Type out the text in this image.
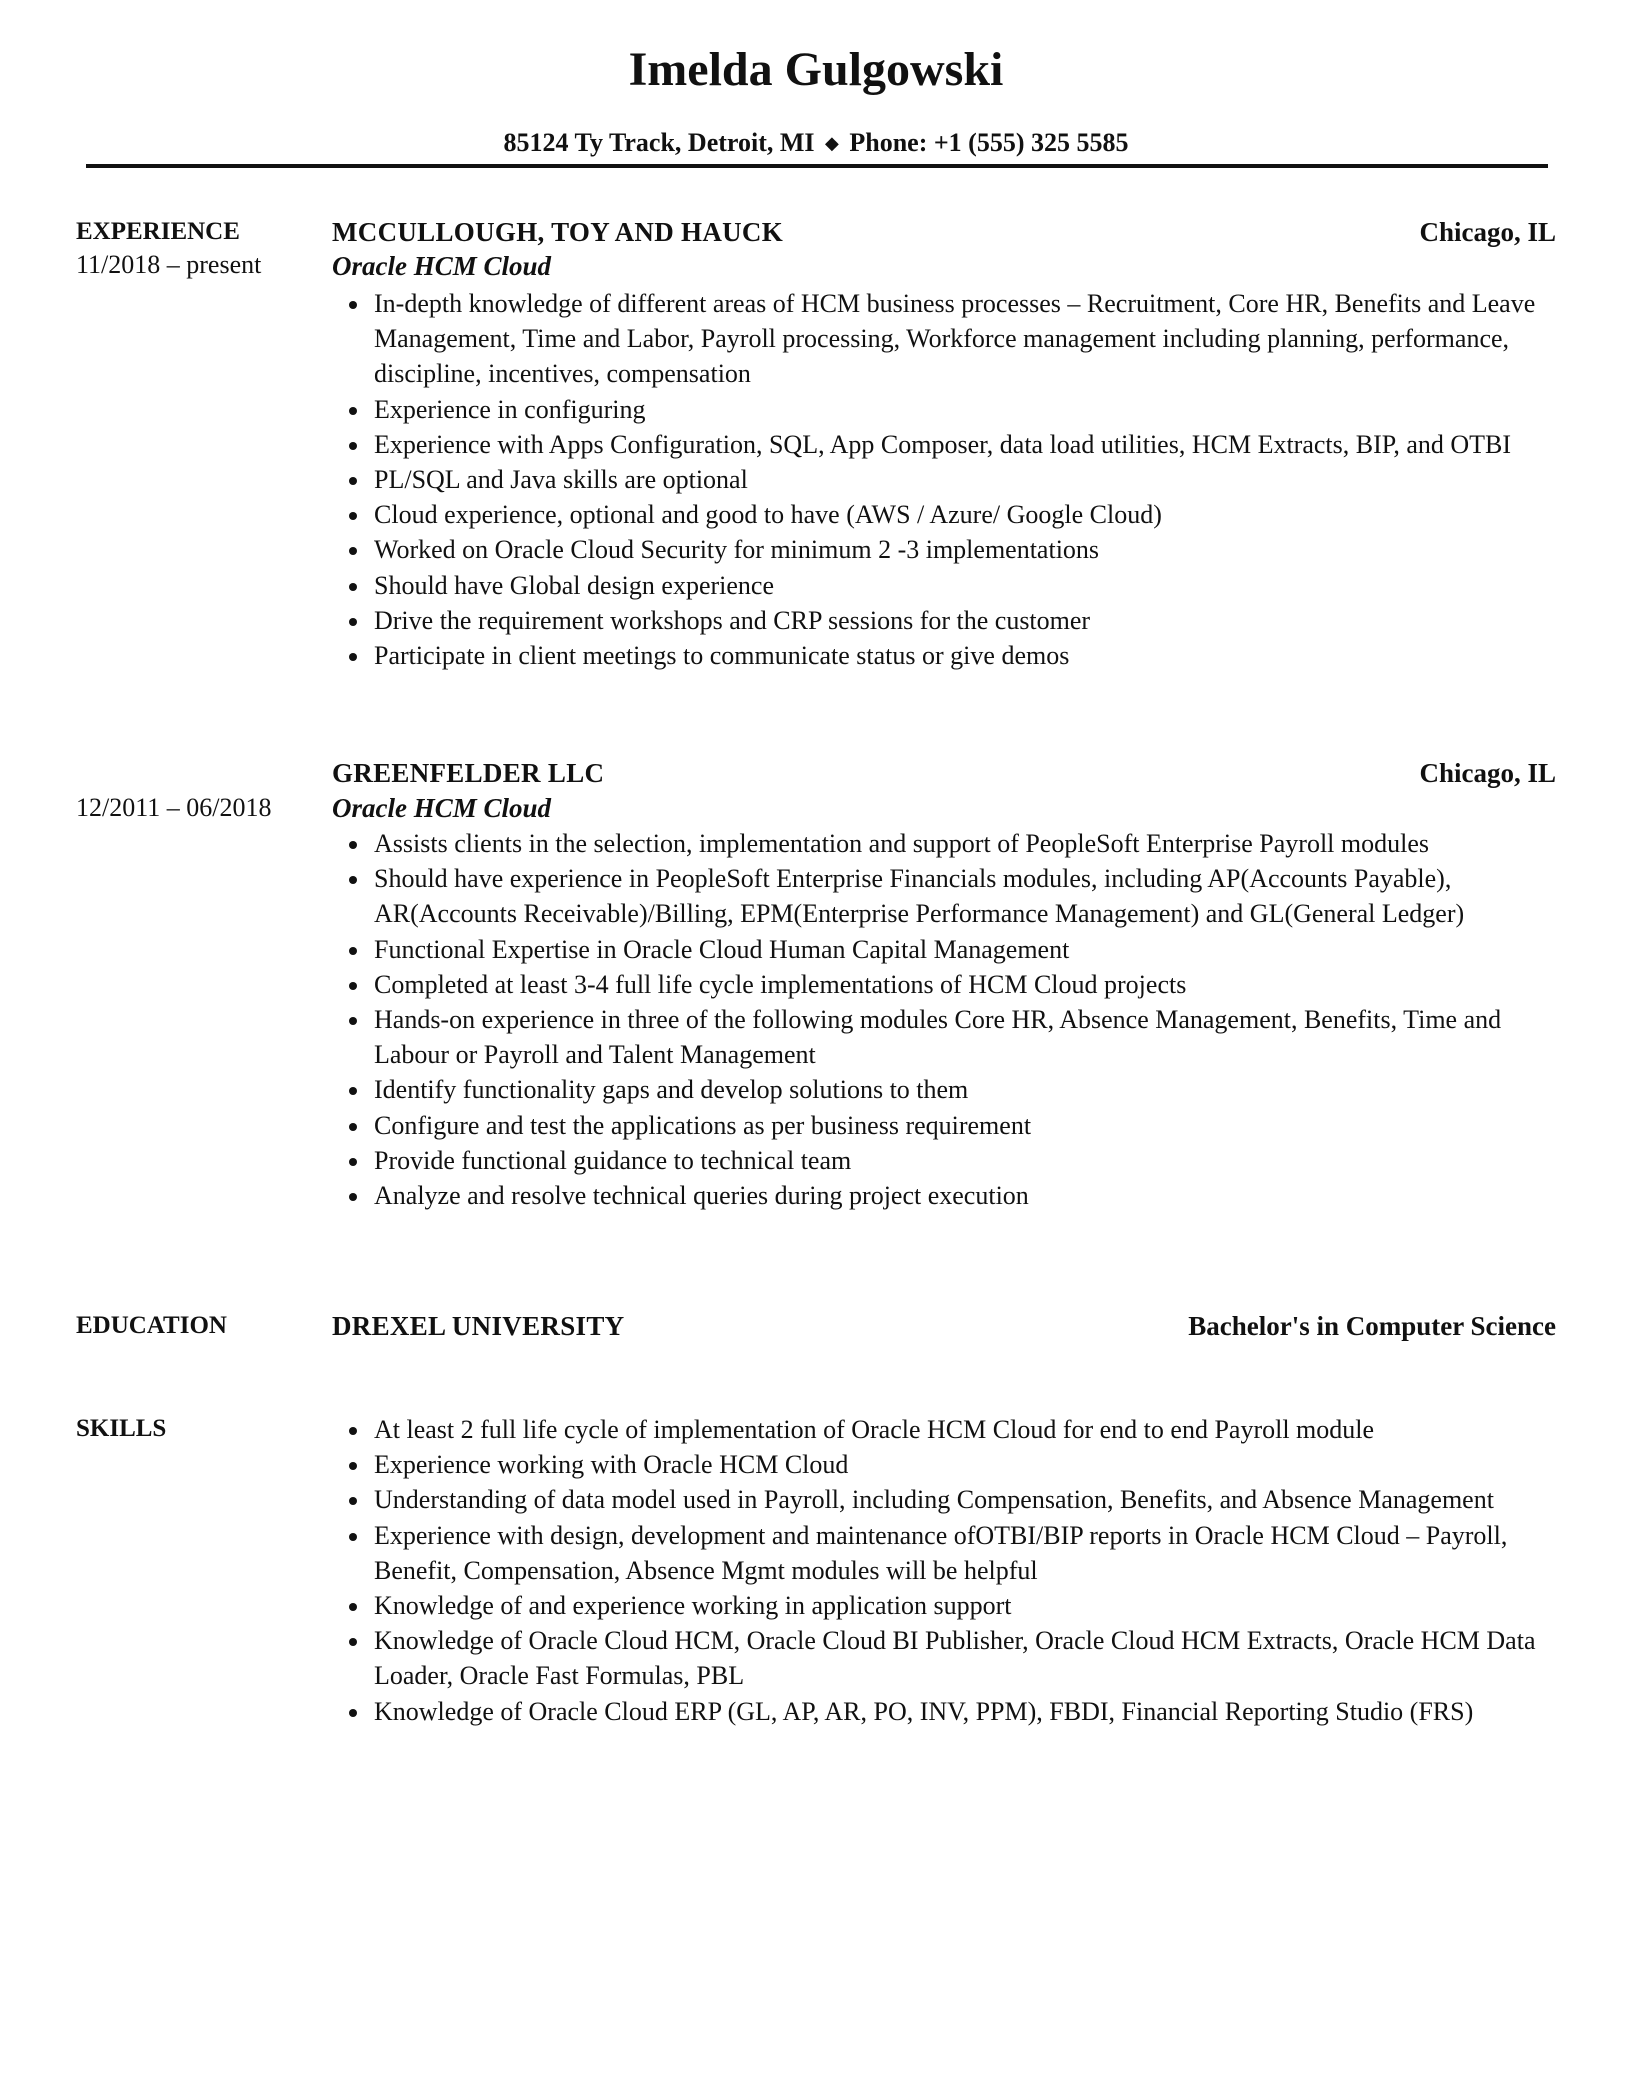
Imelda Gulgowski
85124 Ty Track, Detroit, MI ◆ Phone: +1 (555) 325 5585
EXPERIENCE
11/2018 – present
MCCULLOUGH, TOY AND HAUCK	Chicago, IL
Oracle HCM Cloud
In-depth knowledge of different areas of HCM business processes – Recruitment, Core HR, Benefits and Leave Management, Time and Labor, Payroll processing, Workforce management including planning, performance, discipline, incentives, compensation
Experience in configuring
Experience with Apps Configuration, SQL, App Composer, data load utilities, HCM Extracts, BIP, and OTBI
PL/SQL and Java skills are optional
Cloud experience, optional and good to have (AWS / Azure/ Google Cloud)
Worked on Oracle Cloud Security for minimum 2 -3 implementations
Should have Global design experience
Drive the requirement workshops and CRP sessions for the customer
Participate in client meetings to communicate status or give demos
12/2011 – 06/2018
GREENFELDER LLC	Chicago, IL
Oracle HCM Cloud
Assists clients in the selection, implementation and support of PeopleSoft Enterprise Payroll modules
Should have experience in PeopleSoft Enterprise Financials modules, including AP(Accounts Payable), AR(Accounts Receivable)/Billing, EPM(Enterprise Performance Management) and GL(General Ledger)
Functional Expertise in Oracle Cloud Human Capital Management
Completed at least 3-4 full life cycle implementations of HCM Cloud projects
Hands-on experience in three of the following modules Core HR, Absence Management, Benefits, Time and Labour or Payroll and Talent Management
Identify functionality gaps and develop solutions to them
Configure and test the applications as per business requirement
Provide functional guidance to technical team
Analyze and resolve technical queries during project execution
EDUCATION	DREXEL UNIVERSITY	Bachelor's in Computer Science
SKILLS	At least 2 full life cycle of implementation of Oracle HCM Cloud for end to end Payroll module
Experience working with Oracle HCM Cloud
Understanding of data model used in Payroll, including Compensation, Benefits, and Absence Management
Experience with design, development and maintenance ofOTBI/BIP reports in Oracle HCM Cloud – Payroll, Benefit, Compensation, Absence Mgmt modules will be helpful
Knowledge of and experience working in application support
Knowledge of Oracle Cloud HCM, Oracle Cloud BI Publisher, Oracle Cloud HCM Extracts, Oracle HCM Data Loader, Oracle Fast Formulas, PBL
Knowledge of Oracle Cloud ERP (GL, AP, AR, PO, INV, PPM), FBDI, Financial Reporting Studio (FRS)
